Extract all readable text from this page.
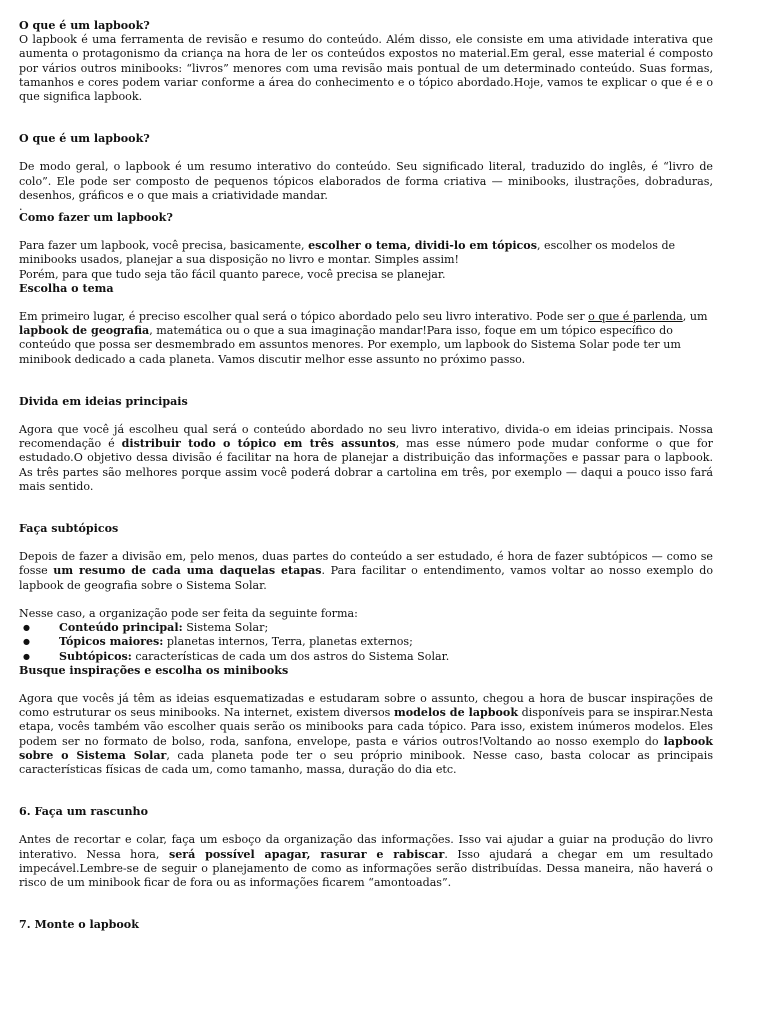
O que é um lapbook?

O lapbook é uma ferramenta de revisão e resumo do conteúdo. Além disso, ele consiste em uma atividade interativa que aumenta o protagonismo da criança na hora de ler os conteúdos expostos no material.Em geral, esse material é composto por vários outros minibooks: “livros” menores com uma revisão mais pontual de um determinado conteúdo. Suas formas, tamanhos e cores podem variar conforme a área do conhecimento e o tópico abordado.Hoje, vamos te explicar o que é e o que significa lapbook.

O que é um lapbook?

De modo geral, o lapbook é um resumo interativo do conteúdo. Seu significado literal, traduzido do inglês, é “livro de colo”. Ele pode ser composto de pequenos tópicos elaborados de forma criativa — minibooks, ilustrações, dobraduras, desenhos, gráficos e o que mais a criatividade mandar.

.

Como fazer um lapbook?

Para fazer um lapbook, você precisa, basicamente, escolher o tema, dividi-lo em tópicos, escolher os modelos de minibooks usados, planejar a sua disposição no livro e montar. Simples assim!

Porém, para que tudo seja tão fácil quanto parece, você precisa se planejar.

Escolha o tema

Em primeiro lugar, é preciso escolher qual será o tópico abordado pelo seu livro interativo. Pode ser o que é parlenda, um lapbook de geografia, matemática ou o que a sua imaginação mandar!Para isso, foque em um tópico específico do conteúdo que possa ser desmembrado em assuntos menores. Por exemplo, um lapbook do Sistema Solar pode ter um minibook dedicado a cada planeta. Vamos discutir melhor esse assunto no próximo passo.

Divida em ideias principais

Agora que você já escolheu qual será o conteúdo abordado no seu livro interativo, divida-o em ideias principais. Nossa recomendação é distribuir todo o tópico em três assuntos, mas esse número pode mudar conforme o que for estudado.O objetivo dessa divisão é facilitar na hora de planejar a distribuição das informações e passar para o lapbook. As três partes são melhores porque assim você poderá dobrar a cartolina em três, por exemplo — daqui a pouco isso fará mais sentido.

Faça subtópicos

Depois de fazer a divisão em, pelo menos, duas partes do conteúdo a ser estudado, é hora de fazer subtópicos — como se fosse um resumo de cada uma daquelas etapas. Para facilitar o entendimento, vamos voltar ao nosso exemplo do lapbook de geografia sobre o Sistema Solar.

Nesse caso, a organização pode ser feita da seguinte forma:

● Conteúdo principal: Sistema Solar;
● Tópicos maiores: planetas internos, Terra, planetas externos;
● Subtópicos: características de cada um dos astros do Sistema Solar.

Busque inspirações e escolha os minibooks

Agora que vocês já têm as ideias esquematizadas e estudaram sobre o assunto, chegou a hora de buscar inspirações de como estruturar os seus minibooks. Na internet, existem diversos modelos de lapbook disponíveis para se inspirar.Nesta etapa, vocês também vão escolher quais serão os minibooks para cada tópico. Para isso, existem inúmeros modelos. Eles podem ser no formato de bolso, roda, sanfona, envelope, pasta e vários outros!Voltando ao nosso exemplo do lapbook sobre o Sistema Solar, cada planeta pode ter o seu próprio minibook. Nesse caso, basta colocar as principais características físicas de cada um, como tamanho, massa, duração do dia etc.

6. Faça um rascunho

Antes de recortar e colar, faça um esboço da organização das informações. Isso vai ajudar a guiar na produção do livro interativo. Nessa hora, será possível apagar, rasurar e rabiscar. Isso ajudará a chegar em um resultado impecável.Lembre-se de seguir o planejamento de como as informações serão distribuídas. Dessa maneira, não haverá o risco de um minibook ficar de fora ou as informações ficarem “amontoadas”.

7. Monte o lapbook
